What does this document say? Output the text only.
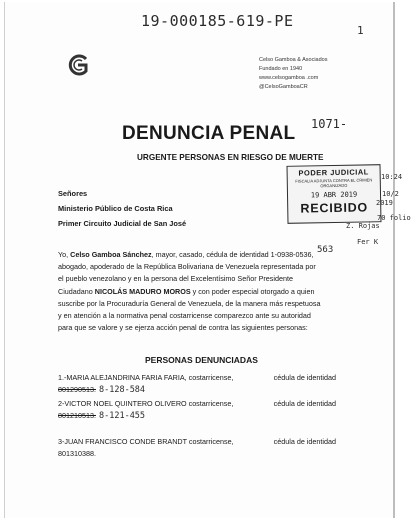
19-000185-619-PE
1
Celso Gamboa & Asociados
Fundado en 1940
www.celsogamboa .com
@CelsoGamboaCR
DENUNCIA PENAL 1071-
URGENTE PERSONAS EN RIESGO DE MUERTE
PODER JUDICIAL
FISCALIA ADJUNTA CONTRA EL CRIMEN ORGANIZADO
19 ABR 2019
RECIBIDO
10:24
10/2
2019
70 folio
Z. Rojas
Fer K
Señores
Ministerio Público de Costa Rica
Primer Circuito Judicial de San José
563
Yo, Celso Gamboa Sánchez, mayor, casado, cédula de identidad 1-0938-0536,
abogado, apoderado de la República Bolivariana de Venezuela representada por
el pueblo venezolano y en la persona del Excelentísimo Señor Presidente
Ciudadano NICOLÁS MADURO MOROS y con poder especial otorgado a quien
suscribe por la Procuraduría General de Venezuela, de la manera más respetuosa
y en atención a la normativa penal costarricense comparezco ante su autoridad
para que se valore y se ejerza acción penal de contra las siguientes personas:
PERSONAS DENUNCIADAS
1.-MARIA ALEJANDRINA FARIA FARIA, costarricense,	cédula de identidad
801290513. 8-128-584
2-VICTOR NOEL QUINTERO OLIVERO costarricense,	cédula de identidad
801210513. 8-121-455
3-JUAN FRANCISCO CONDE BRANDT costarricense,	cédula de identidad
801310388.
